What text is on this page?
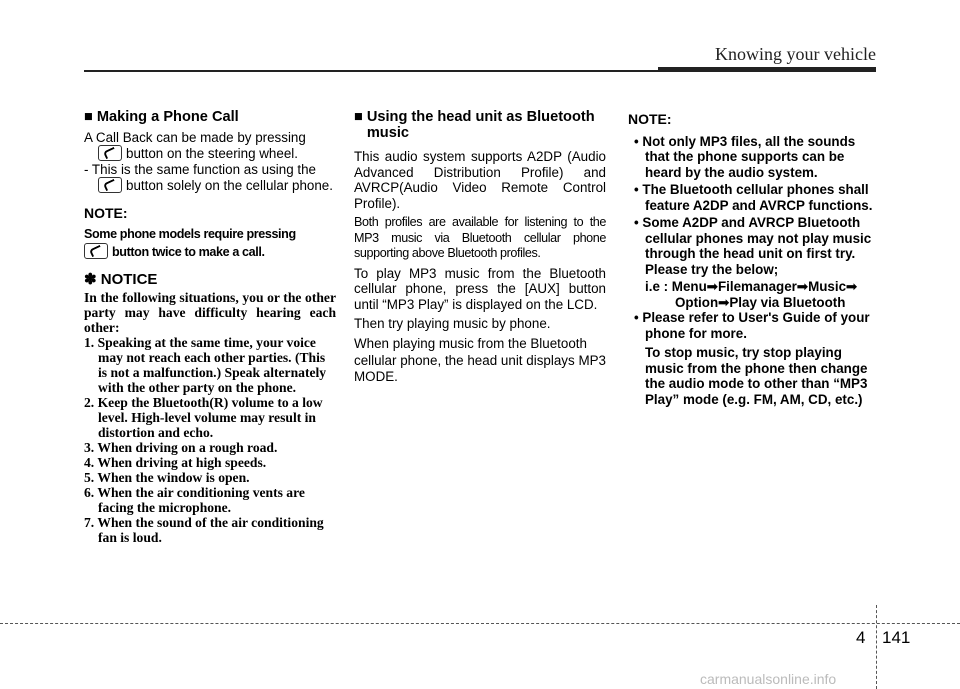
Knowing your vehicle
■ Making a Phone Call
A Call Back can be made by pressing
button on the steering wheel.
- This is the same function as using the
button solely on the cellular phone.
NOTE:
Some phone models require pressing
button twice to make a call.
✽ NOTICE
In the following situations, you or the other party may have difficulty hearing each other:
1. Speaking at the same time, your voice may not reach each other parties. (This is not a malfunction.) Speak alternately with the other party on the phone.
2. Keep the Bluetooth(R) volume to a low level. High-level volume may result in distortion and echo.
3. When driving on a rough road.
4. When driving at high speeds.
5. When the window is open.
6. When the air conditioning vents are facing the microphone.
7. When the sound of the air conditioning fan is loud.
■ Using the head unit as Bluetooth music
This audio system supports A2DP (Audio Advanced Distribution Profile) and AVRCP(Audio Video Remote Control Profile).
Both profiles are available for listening to the MP3 music via Bluetooth cellular phone supporting above Bluetooth profiles.
To play MP3 music from the Bluetooth cellular phone, press the [AUX] button until “MP3 Play” is displayed on the LCD.
Then try playing music by phone.
When playing music from the Bluetooth
cellular phone, the head unit displays MP3 MODE.
NOTE:
• Not only MP3 files, all the sounds that the phone supports can be heard by the audio system.
• The Bluetooth cellular phones shall feature A2DP and AVRCP functions.
• Some A2DP and AVRCP Bluetooth cellular phones may not play music through the head unit on first try. Please try the below;
i.e : Menu➟Filemanager➟Music➟
Option➟Play via Bluetooth
• Please refer to User's Guide of your phone for more.
To stop music, try stop playing music from the phone then change the audio mode to other than “MP3 Play” mode (e.g. FM, AM, CD, etc.)
4 141
carmanualsonline.info
